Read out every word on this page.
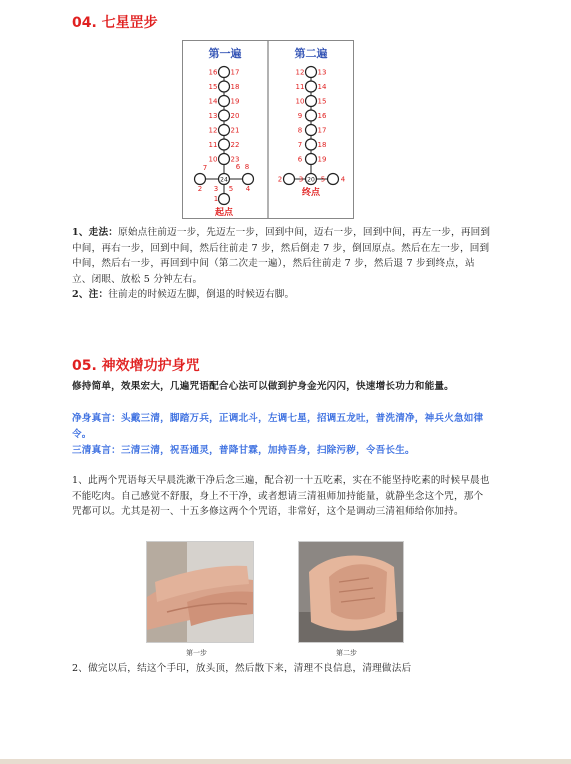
04. 七星罡步
第一遍	第二遍
16 17
15 18
14 19
13 20
12 21
11 22
10 23
12 13
11 14
10 15
9 16
8 17
7 18
6 19
24
2
7
3 5 4
8
6
1
起点
20
2 3	5 4
终点
1、走法：原始点往前迈一步，先迈左一步，回到中间，迈右一步，回到中间，再左一步，再回到中间，再右一步，回到中间，然后往前走 7 步，然后倒走 7 步，倒回原点。然后在左一步，回到中间，然后右一步，再回到中间（第二次走一遍），然后往前走 7 步，然后退 7 步到终点，站立、闭眼、放松 5 分钟左右。
2、注：往前走的时候迈左脚，倒退的时候迈右脚。
05. 神效增功护身咒
修持简单，效果宏大，几遍咒语配合心法可以做到护身金光闪闪，快速增长功力和能量。
净身真言：头戴三清，脚踏万兵，正调北斗，左调七星，招调五龙吐，普洗清净，神兵火急如律令。
三清真言：三清三清，祝吾通灵，普降甘霖，加持吾身，扫除污秽，令吾长生。
1、此两个咒语每天早晨洗漱干净后念三遍，配合初一十五吃素，实在不能坚持吃素的时候早晨也不能吃肉。自己感觉不舒服，身上不干净，或者想请三清祖师加持能量，就静坐念这个咒，那个咒都可以。尤其是初一、十五多修这两个个咒语，非常好，这个是调动三清祖师给你加持。
第一步	第二步
2、做完以后，结这个手印，放头顶，然后散下来，清理不良信息，清理做法后
